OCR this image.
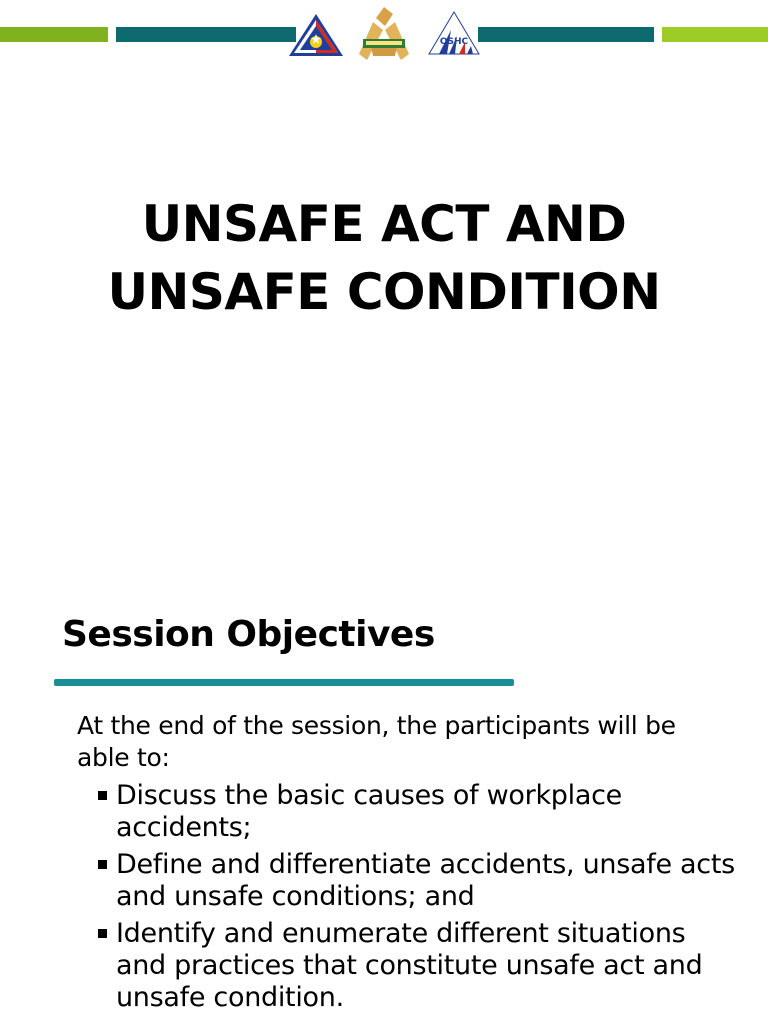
OSHC
UNSAFE ACT AND
UNSAFE CONDITION
Session Objectives
At the end of the session, the participants will be able to:
Discuss the basic causes of workplace accidents;
Define and differentiate accidents, unsafe acts and unsafe conditions; and
Identify and enumerate different situations and practices that constitute unsafe act and unsafe condition.
